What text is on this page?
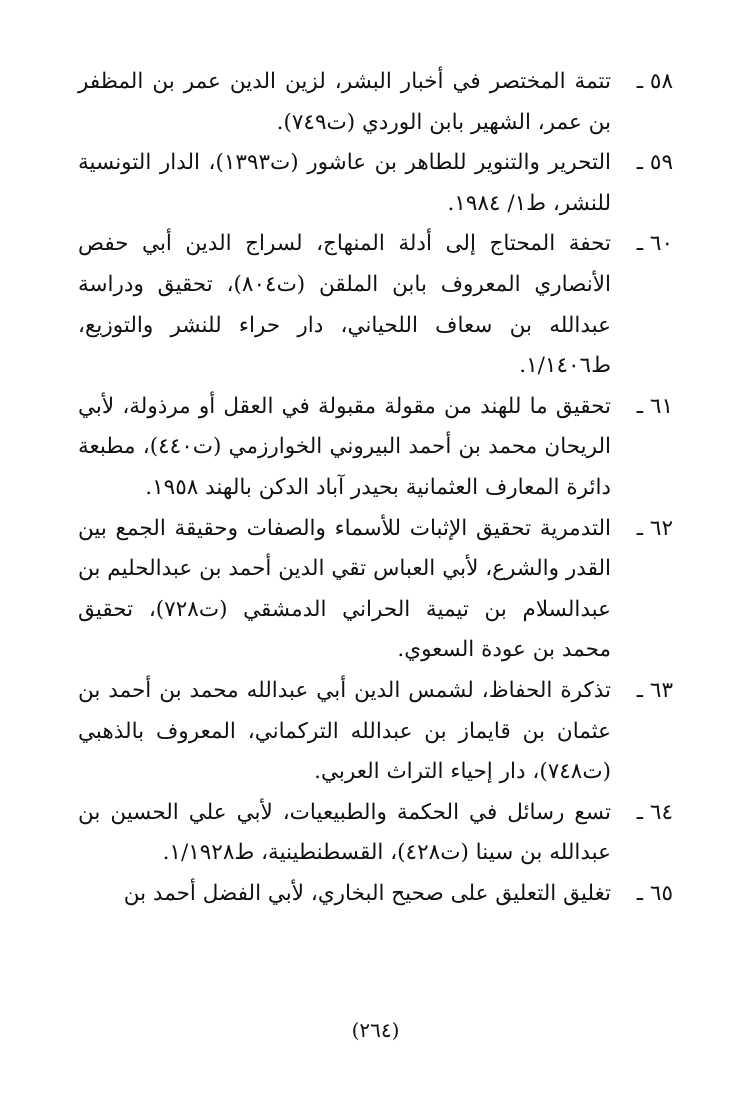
٥٨ ـ
تتمة المختصر في أخبار البشر، لزين الدين عمر بن المظفر بن عمر، الشهير بابن الوردي (ت٧٤٩).
٥٩ ـ
التحرير والتنوير للطاهر بن عاشور (ت١٣٩٣)، الدار التونسية للنشر، ط١/ ١٩٨٤.
٦٠ ـ
تحفة المحتاج إلى أدلة المنهاج، لسراج الدين أبي حفص الأنصاري المعروف بابن الملقن (ت٨٠٤)، تحقيق ودراسة عبدالله بن سعاف اللحياني، دار حراء للنشر والتوزيع، ط١/١٤٠٦.
٦١ ـ
تحقيق ما للهند من مقولة مقبولة في العقل أو مرذولة، لأبي الريحان محمد بن أحمد البيروني الخوارزمي (ت٤٤٠)، مطبعة دائرة المعارف العثمانية بحيدر آباد الدكن بالهند ١٩٥٨.
٦٢ ـ
التدمرية تحقيق الإثبات للأسماء والصفات وحقيقة الجمع بين القدر والشرع، لأبي العباس تقي الدين أحمد بن عبدالحليم بن عبدالسلام بن تيمية الحراني الدمشقي (ت٧٢٨)، تحقيق محمد بن عودة السعوي.
٦٣ ـ
تذكرة الحفاظ، لشمس الدين أبي عبدالله محمد بن أحمد بن عثمان بن قايماز بن عبدالله التركماني، المعروف بالذهبي (ت٧٤٨)، دار إحياء التراث العربي.
٦٤ ـ
تسع رسائل في الحكمة والطبيعيات، لأبي علي الحسين بن عبدالله بن سينا (ت٤٢٨)، القسطنطينية، ط١/١٩٢٨.
٦٥ ـ
تغليق التعليق على صحيح البخاري، لأبي الفضل أحمد بن
(٢٦٤)
